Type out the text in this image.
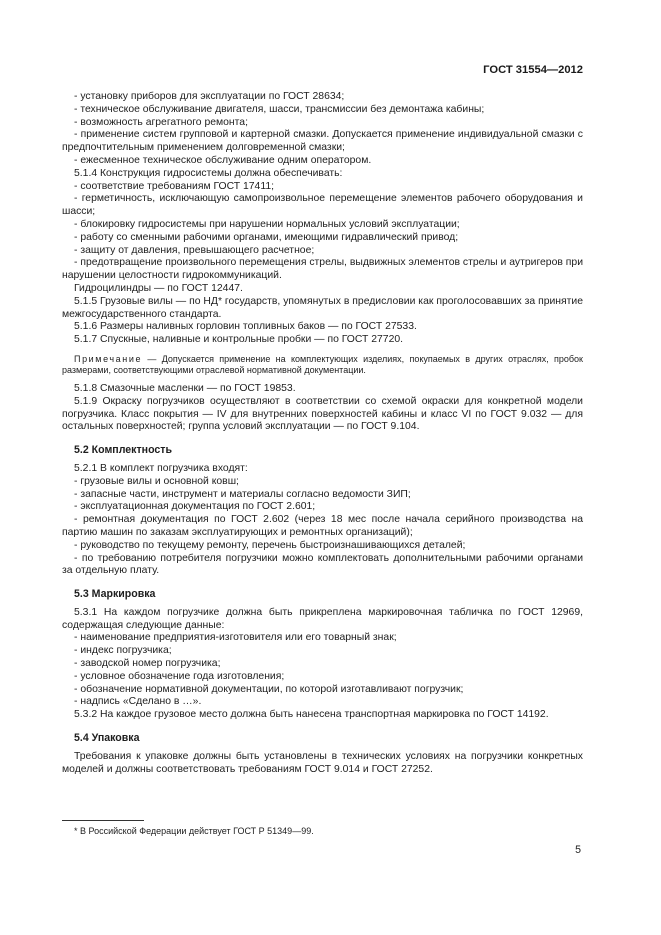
ГОСТ 31554—2012

- установку приборов для эксплуатации по ГОСТ 28634;

- техническое обслуживание двигателя, шасси, трансмиссии без демонтажа кабины;

- возможность агрегатного ремонта;

- применение систем групповой и картерной смазки. Допускается применение индивидуальной смазки с предпочтительным применением долговременной смазки;

- ежесменное техническое обслуживание одним оператором.

5.1.4 Конструкция гидросистемы должна обеспечивать:

- соответствие требованиям ГОСТ 17411;

- герметичность, исключающую самопроизвольное перемещение элементов рабочего оборудования и шасси;

- блокировку гидросистемы при нарушении нормальных условий эксплуатации;

- работу со сменными рабочими органами, имеющими гидравлический привод;

- защиту от давления, превышающего расчетное;

- предотвращение произвольного перемещения стрелы, выдвижных элементов стрелы и аутригеров при нарушении целостности гидрокоммуникаций.

Гидроцилиндры — по ГОСТ 12447.

5.1.5 Грузовые вилы — по НД* государств, упомянутых в предисловии как проголосовавших за принятие межгосударственного стандарта.

5.1.6 Размеры наливных горловин топливных баков — по ГОСТ 27533.

5.1.7 Спускные, наливные и контрольные пробки — по ГОСТ 27720.

Примечание — Допускается применение на комплектующих изделиях, покупаемых в других отраслях, пробок размерами, соответствующими отраслевой нормативной документации.

5.1.8 Смазочные масленки — по ГОСТ 19853.

5.1.9 Окраску погрузчиков осуществляют в соответствии со схемой окраски для конкретной модели погрузчика. Класс покрытия — IV для внутренних поверхностей кабины и класс VI по ГОСТ 9.032 — для остальных поверхностей; группа условий эксплуатации — по ГОСТ 9.104.

5.2 Комплектность

5.2.1 В комплект погрузчика входят:

- грузовые вилы и основной ковш;

- запасные части, инструмент и материалы согласно ведомости ЗИП;

- эксплуатационная документация по ГОСТ 2.601;

- ремонтная документация по ГОСТ 2.602 (через 18 мес после начала серийного производства на партию машин по заказам эксплуатирующих и ремонтных организаций);

- руководство по текущему ремонту, перечень быстроизнашивающихся деталей;

- по требованию потребителя погрузчики можно комплектовать дополнительными рабочими органами за отдельную плату.

5.3 Маркировка

5.3.1 На каждом погрузчике должна быть прикреплена маркировочная табличка по ГОСТ 12969, содержащая следующие данные:

- наименование предприятия-изготовителя или его товарный знак;

- индекс погрузчика;

- заводской номер погрузчика;

- условное обозначение года изготовления;

- обозначение нормативной документации, по которой изготавливают погрузчик;

- надпись «Сделано в …».

5.3.2 На каждое грузовое место должна быть нанесена транспортная маркировка по ГОСТ 14192.

5.4 Упаковка

Требования к упаковке должны быть установлены в технических условиях на погрузчики конкретных моделей и должны соответствовать требованиям ГОСТ 9.014 и ГОСТ 27252.

* В Российской Федерации действует ГОСТ Р 51349—99.
5
